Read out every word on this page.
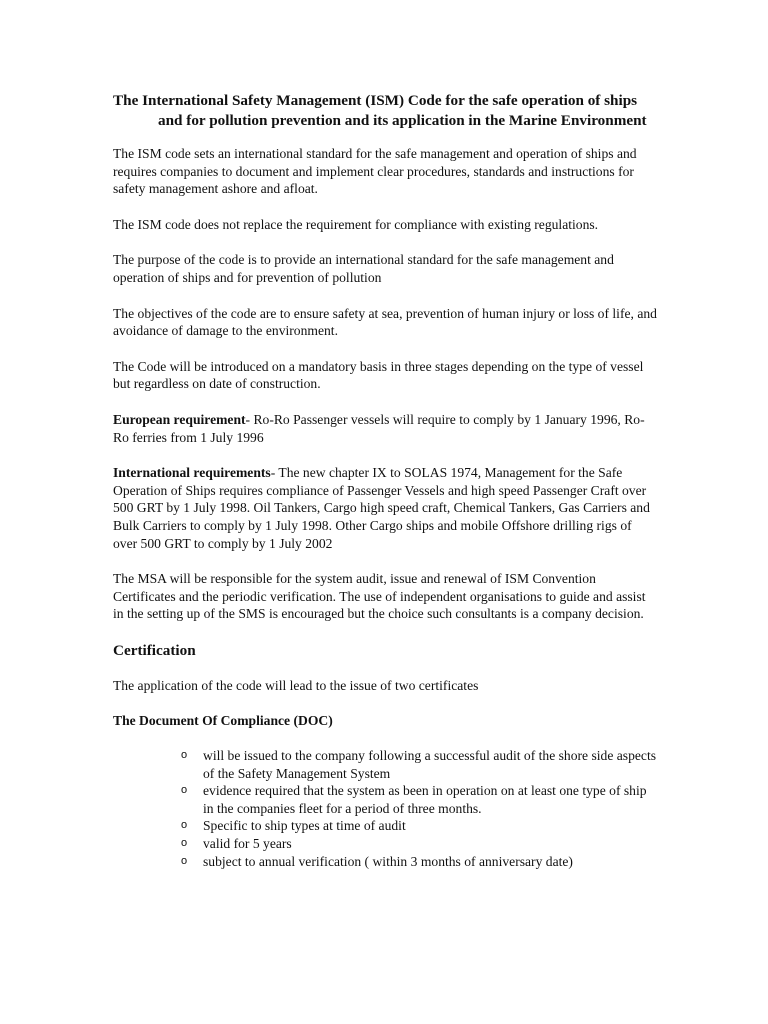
The International Safety Management (ISM) Code for the safe operation of ships and for pollution prevention and its application in the Marine Environment

The ISM code sets an international standard for the safe management and operation of ships and requires companies to document and implement clear procedures, standards and instructions for safety management ashore and afloat.

The ISM code does not replace the requirement for compliance with existing regulations.

The purpose of the code is to provide an international standard for the safe management and operation of ships and for prevention of pollution

The objectives of the code are to ensure safety at sea, prevention of human injury or loss of life, and avoidance of damage to the environment.

The Code will be introduced on a mandatory basis in three stages depending on the type of vessel but regardless on date of construction.

European requirement- Ro-Ro Passenger vessels will require to comply by 1 January 1996, Ro-Ro ferries from 1 July 1996

International requirements- The new chapter IX to SOLAS 1974, Management for the Safe Operation of Ships requires compliance of Passenger Vessels and high speed Passenger Craft over 500 GRT by 1 July 1998. Oil Tankers, Cargo high speed craft, Chemical Tankers, Gas Carriers and Bulk Carriers to comply by 1 July 1998. Other Cargo ships and mobile Offshore drilling rigs of over 500 GRT to comply by 1 July 2002

The MSA will be responsible for the system audit, issue and renewal of ISM Convention Certificates and the periodic verification. The use of independent organisations to guide and assist in the setting up of the SMS is encouraged but the choice such consultants is a company decision.

Certification

The application of the code will lead to the issue of two certificates

The Document Of Compliance (DOC)
o will be issued to the company following a successful audit of the shore side aspects of the Safety Management System
o evidence required that the system as been in operation on at least one type of ship in the companies fleet for a period of three months.
o Specific to ship types at time of audit
o valid for 5 years
o subject to annual verification ( within 3 months of anniversary date)
